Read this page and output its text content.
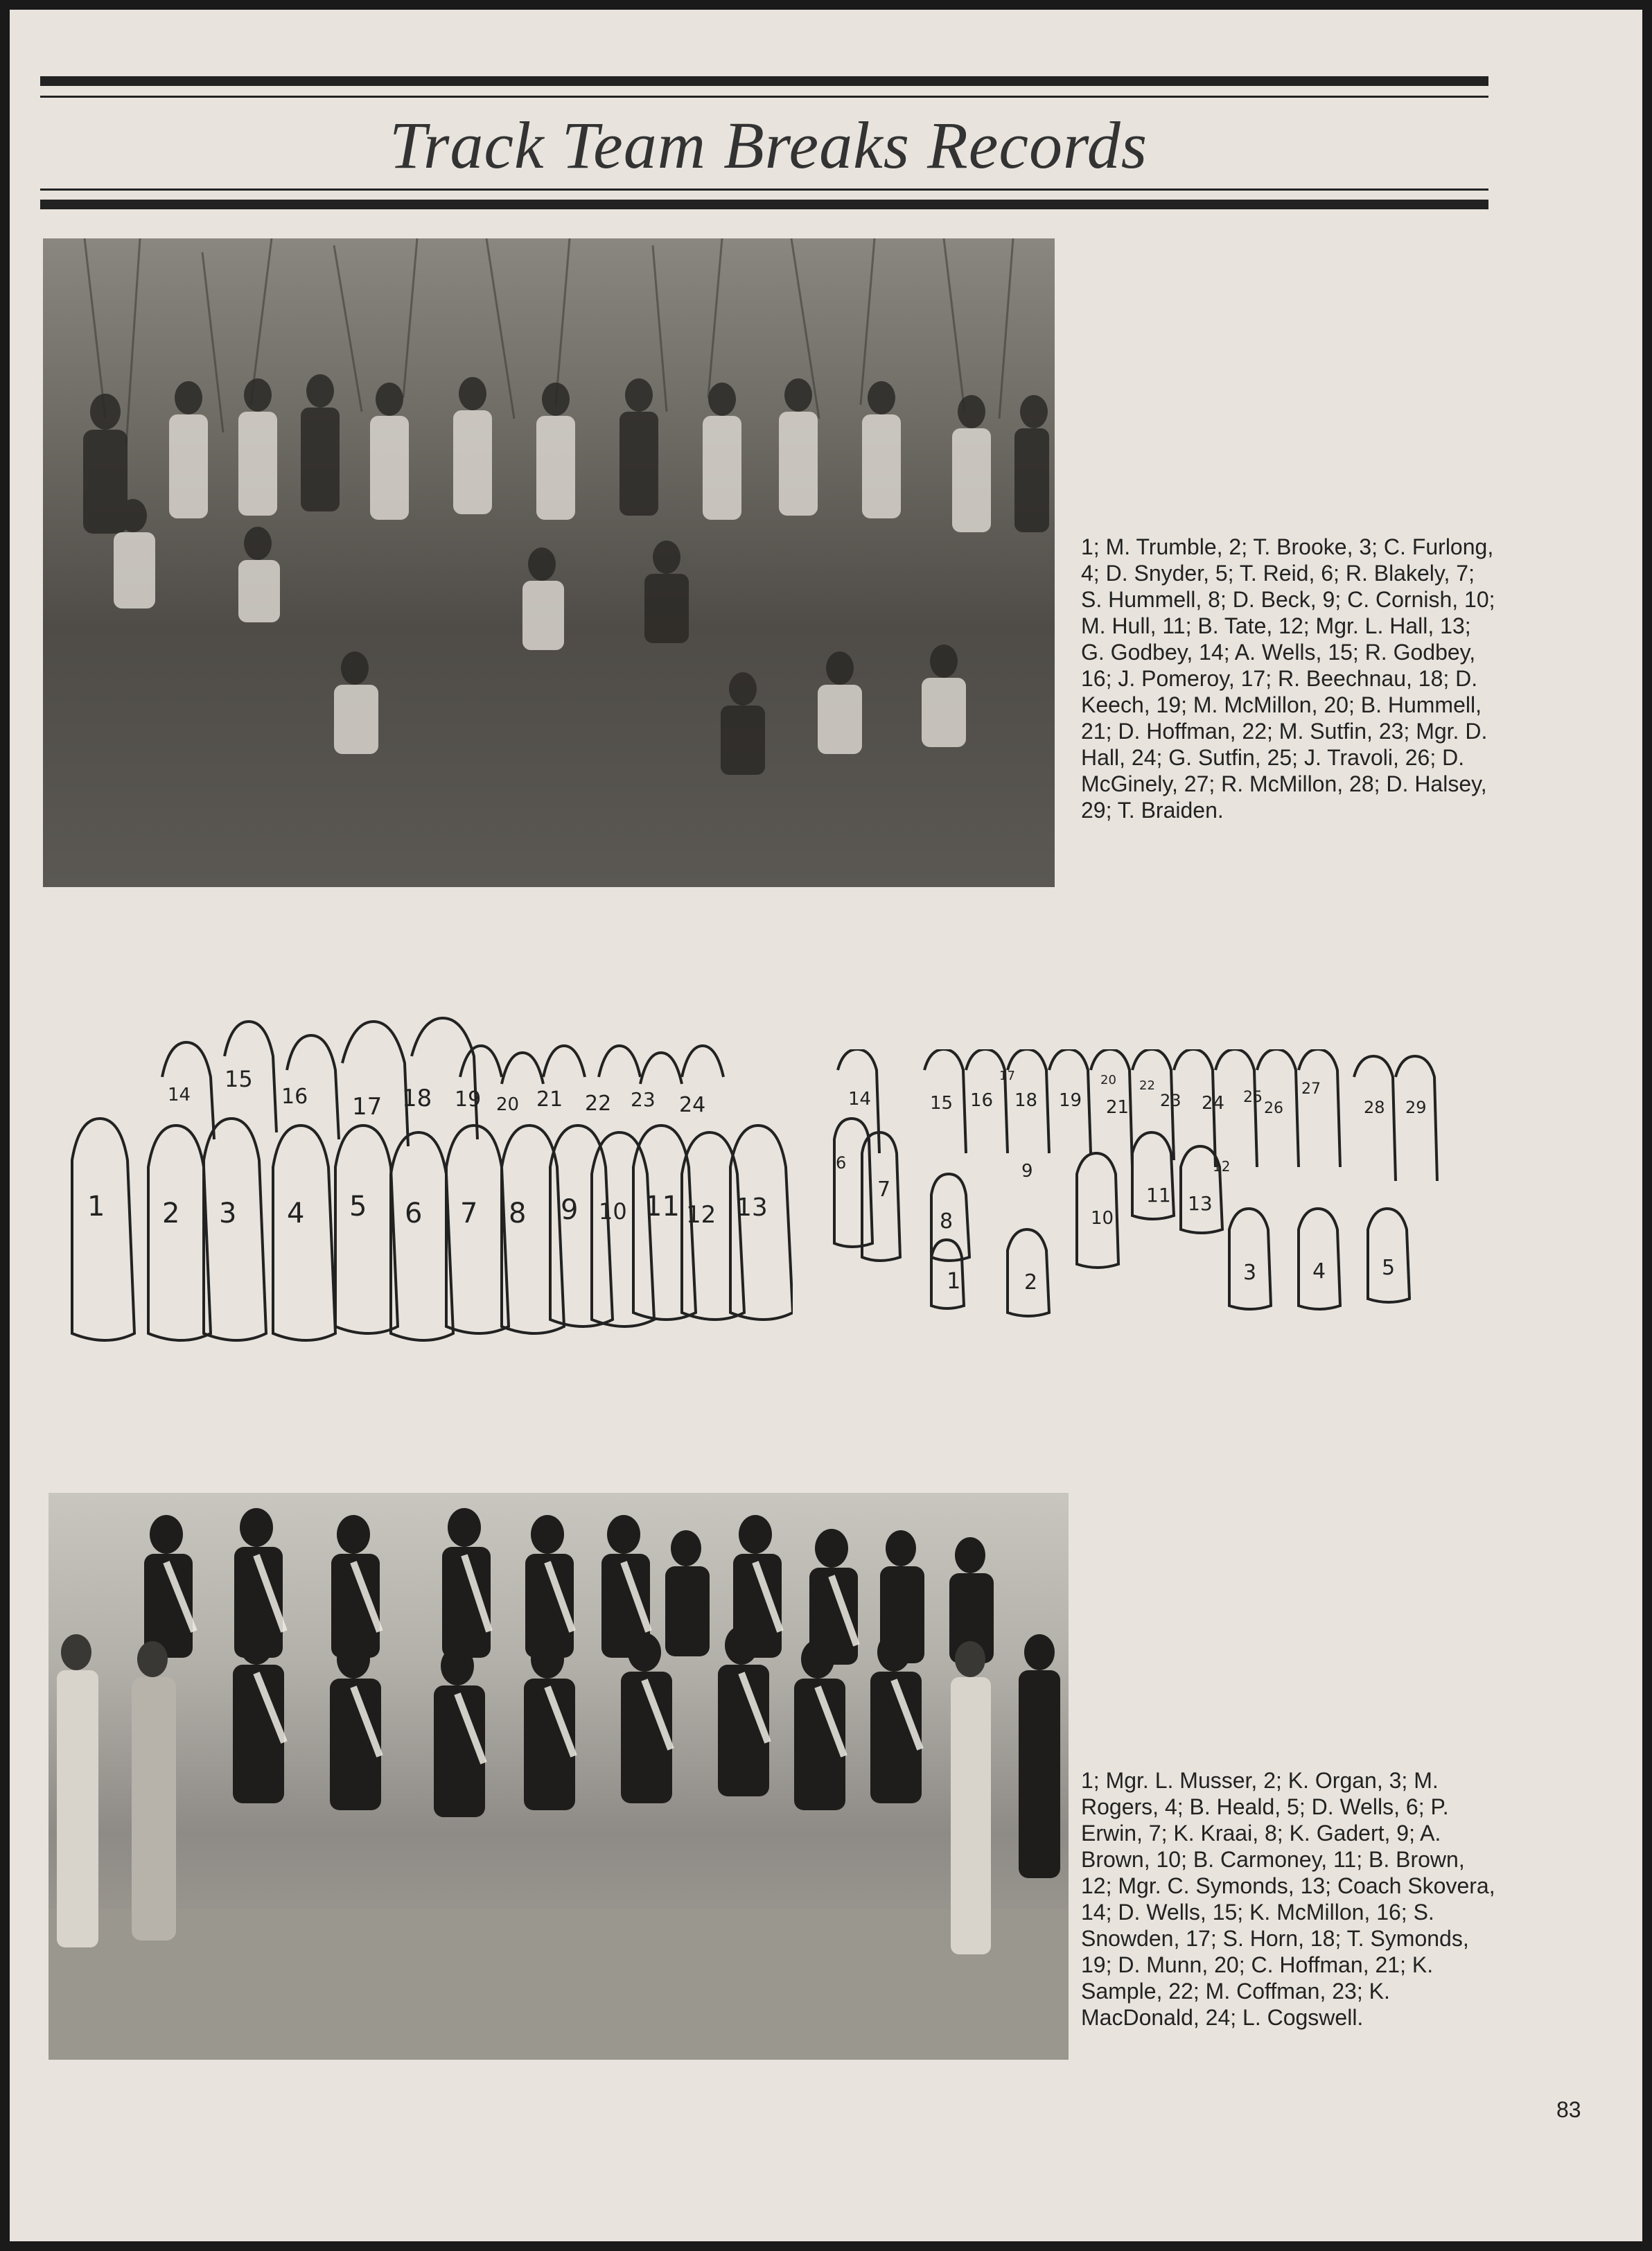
Track Team Breaks Records
1; M. Trumble, 2; T. Brooke, 3; C. Furlong, 4; D. Snyder, 5; T. Reid, 6; R. Blakely, 7; S. Hummell, 8; D. Beck, 9; C. Cornish, 10; M. Hull, 11; B. Tate, 12; Mgr. L. Hall, 13; G. Godbey, 14; A. Wells, 15; R. Godbey, 16; J. Pomeroy, 17; R. Beechnau, 18; D. Keech, 19; M. McMillon, 20; B. Hummell, 21; D. Hoffman, 22; M. Sutfin, 23; Mgr. D. Hall, 24; G. Sutfin, 25; J. Travoli, 26; D. McGinely, 27; R. McMillon, 28; D. Halsey, 29; T. Braiden.
1 2 3 4 5 6 7 8 9 10 11 12 13
14
15
16 17 18 19 20 21 22 23 24
1	2	3	4	5
6
7
8
9
10
11
12
13
14	15 16
17
18 19
20
21
22
23 24 25
26
27
28 29
1; Mgr. L. Musser, 2; K. Organ, 3; M. Rogers, 4; B. Heald, 5; D. Wells, 6; P. Erwin, 7; K. Kraai, 8; K. Gadert, 9; A. Brown, 10; B. Carmoney, 11; B. Brown, 12; Mgr. C. Symonds, 13; Coach Skovera, 14; D. Wells, 15; K. McMillon, 16; S. Snowden, 17; S. Horn, 18; T. Symonds, 19; D. Munn, 20; C. Hoffman, 21; K. Sample, 22; M. Coffman, 23; K. MacDonald, 24; L. Cogswell.
83
